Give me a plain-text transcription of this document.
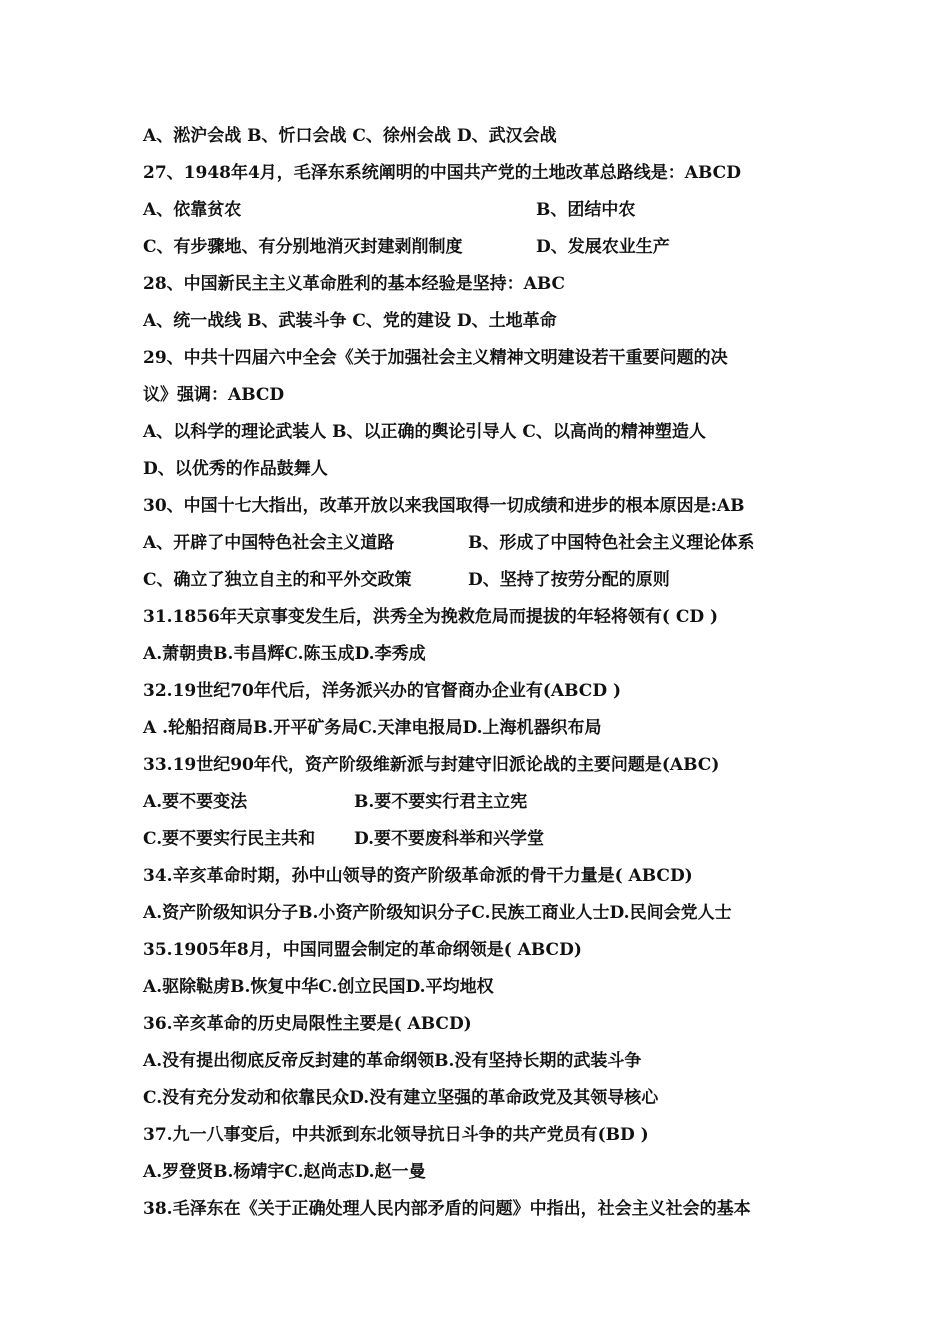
A、淞沪会战 B、忻口会战 C、徐州会战 D、武汉会战
27、1948年4月，毛泽东系统阐明的中国共产党的土地改革总路线是：ABCD
A、依靠贫农	B、团结中农
C、有步骤地、有分别地消灭封建剥削制度	D、发展农业生产
28、中国新民主主义革命胜利的基本经验是坚持：ABC
A、统一战线 B、武装斗争 C、党的建设 D、土地革命
29、中共十四届六中全会《关于加强社会主义精神文明建设若干重要问题的决
议》强调：ABCD
A、以科学的理论武装人 B、以正确的舆论引导人 C、以高尚的精神塑造人
D、以优秀的作品鼓舞人
30、中国十七大指出，改革开放以来我国取得一切成绩和进步的根本原因是:AB
A、开辟了中国特色社会主义道路	B、形成了中国特色社会主义理论体系
C、确立了独立自主的和平外交政策	D、坚持了按劳分配的原则
31.1856年天京事变发生后，洪秀全为挽救危局而提拔的年轻将领有( CD )
A.萧朝贵B.韦昌辉C.陈玉成D.李秀成
32.19世纪70年代后，洋务派兴办的官督商办企业有(ABCD )
A .轮船招商局B.开平矿务局C.天津电报局D.上海机器织布局
33.19世纪90年代，资产阶级维新派与封建守旧派论战的主要问题是(ABC)
A.要不要变法	B.要不要实行君主立宪
C.要不要实行民主共和 D.要不要废科举和兴学堂
34.辛亥革命时期，孙中山领导的资产阶级革命派的骨干力量是( ABCD)
A.资产阶级知识分子B.小资产阶级知识分子C.民族工商业人士D.民间会党人士
35.1905年8月，中国同盟会制定的革命纲领是( ABCD)
A.驱除鞑虏B.恢复中华C.创立民国D.平均地权
36.辛亥革命的历史局限性主要是( ABCD)
A.没有提出彻底反帝反封建的革命纲领B.没有坚持长期的武装斗争
C.没有充分发动和依靠民众D.没有建立坚强的革命政党及其领导核心
37.九一八事变后，中共派到东北领导抗日斗争的共产党员有(BD )
A.罗登贤B.杨靖宇C.赵尚志D.赵一曼
38.毛泽东在《关于正确处理人民内部矛盾的问题》中指出，社会主义社会的基本
